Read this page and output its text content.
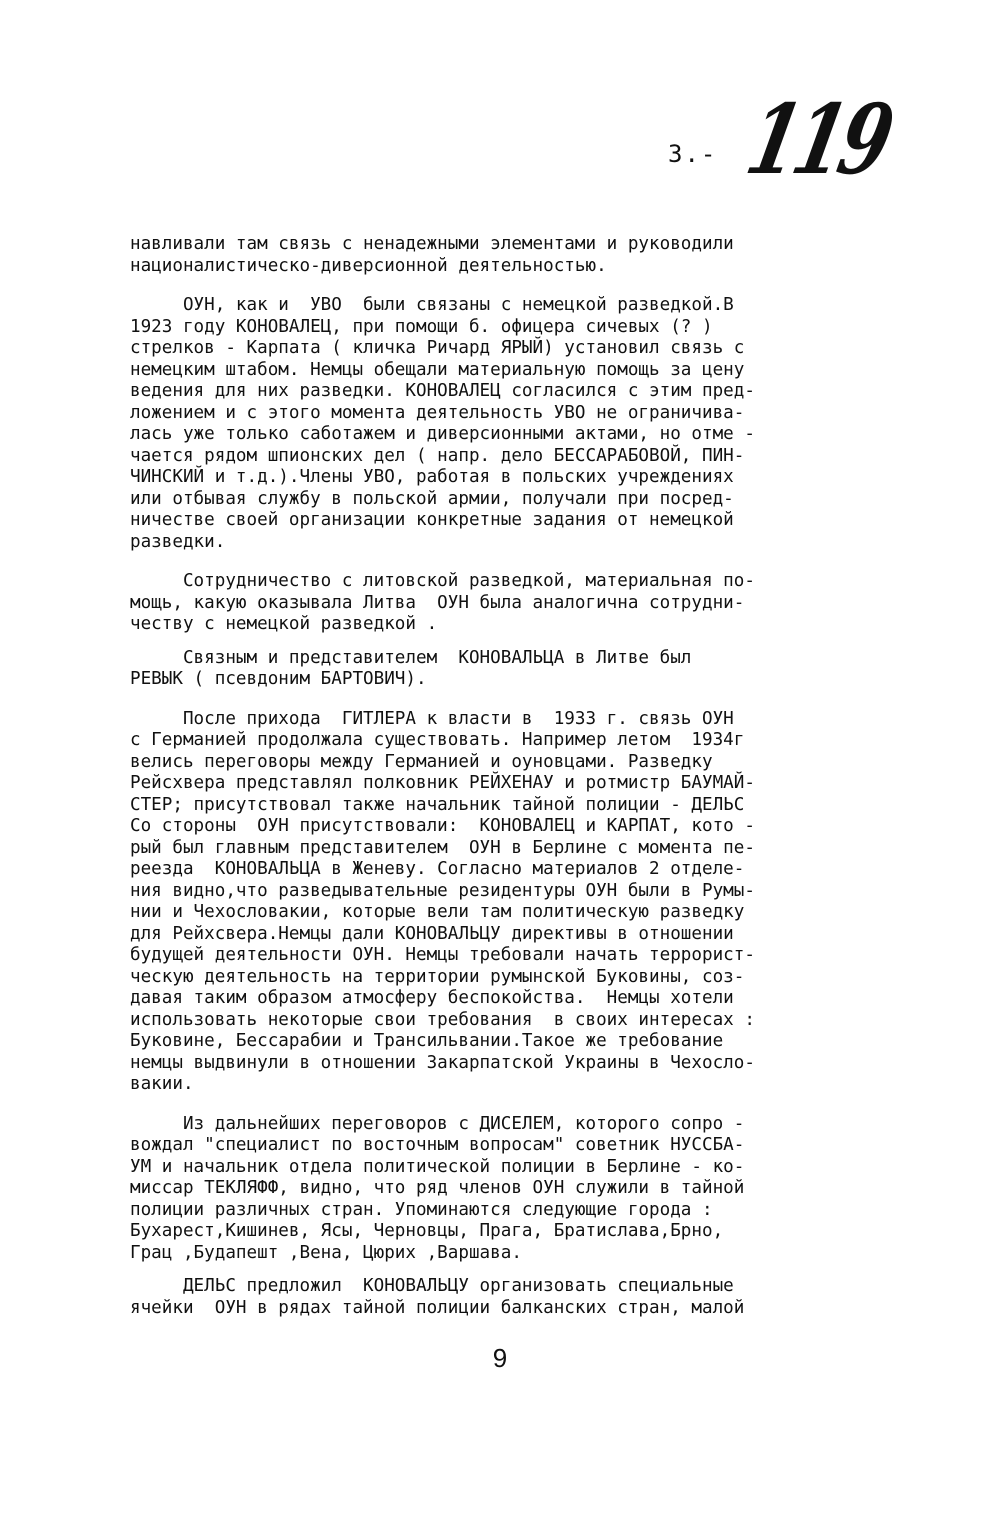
3.- 119
навливали там связь с ненадежными элементами и руководили
националистическо-диверсионной деятельностью.
ОУН, как и  УВО  были связаны с немецкой разведкой.В
1923 году КОНОВАЛЕЦ, при помощи б. офицера сичевых (? )
стрелков - Карпата ( кличка Ричард ЯРЫЙ) установил связь с
немецким штабом. Немцы обещали материальную помощь за цену
ведения для них разведки. КОНОВАЛЕЦ согласился с этим пред-
ложением и с этого момента деятельность УВО не ограничива-
лась уже только саботажем и диверсионными актами, но отме -
чается рядом шпионских дел ( напр. дело БЕССАРАБОВОЙ, ПИН-
ЧИНСКИЙ и т.д.).Члены УВО, работая в польских учреждениях
или отбывая службу в польской армии, получали при посред-
ничестве своей организации конкретные задания от немецкой
разведки.
Сотрудничество с литовской разведкой, материальная по-
мощь, какую оказывала Литва  ОУН была аналогична сотрудни-
честву с немецкой разведкой .
Связным и представителем  КОНОВАЛЬЦА в Литве был
РЕВЫК ( псевдоним БАРТОВИЧ).
После прихода  ГИТЛЕРА к власти в  1933 г. связь ОУН
с Германией продолжала существовать. Например летом  1934г
велись переговоры между Германией и оуновцами. Разведку
Рейсхвера представлял полковник РЕЙХЕНАУ и ротмистр БАУМАЙ-
СТЕР; присутствовал также начальник тайной полиции - ДЕЛЬС
Со стороны  ОУН присутствовали:  КОНОВАЛЕЦ и КАРПАТ, кото -
рый был главным представителем  ОУН в Берлине с момента пе-
реезда  КОНОВАЛЬЦА в Женеву. Согласно материалов 2 отделе-
ния видно,что разведывательные резидентуры ОУН были в Румы-
нии и Чехословакии, которые вели там политическую разведку
для Рейхсвера.Немцы дали КОНОВАЛЬЦУ директивы в отношении
будущей деятельности ОУН. Немцы требовали начать террорист-
ческую деятельность на территории румынской Буковины, соз-
давая таким образом атмосферу беспокойства.  Немцы хотели
использовать некоторые свои требования  в своих интересах :
Буковине, Бессарабии и Трансильвании.Такое же требование
немцы выдвинули в отношении Закарпатской Украины в Чехосло-
вакии.
Из дальнейших переговоров с ДИСЕЛЕМ, которого сопро -
вождал "специалист по восточным вопросам" советник НУССБА-
УМ и начальник отдела политической полиции в Берлине - ко-
миссар ТЕКЛЯФФ, видно, что ряд членов ОУН служили в тайной
полиции различных стран. Упоминаются следующие города :
Бухарест,Кишинев, Ясы, Черновцы, Прага, Братислава,Брно,
Грац ,Будапешт ,Вена, Цюрих ,Варшава.
ДЕЛЬС предложил  КОНОВАЛЬЦУ организовать специальные
ячейки  ОУН в рядах тайной полиции балканских стран, малой
9
